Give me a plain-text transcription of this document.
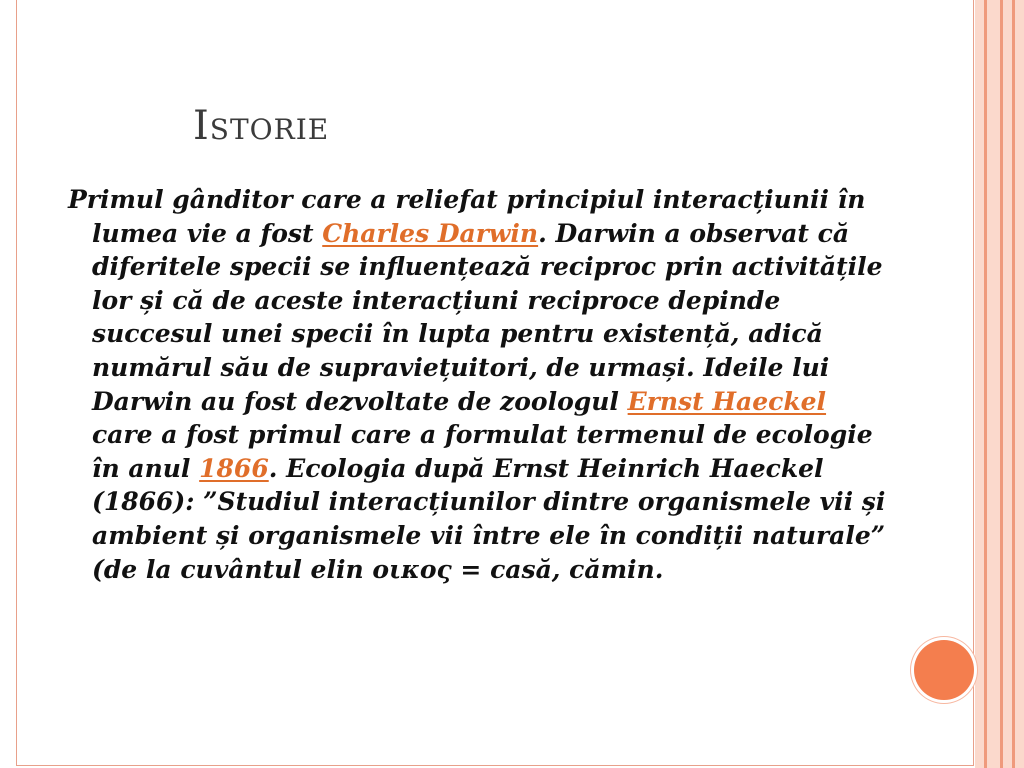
Istorie

Primul gânditor care a reliefat principiul interacțiunii în lumea vie a fost Charles Darwin. Darwin a observat că diferitele specii se influențează reciproc prin activitățile lor și că de aceste interacțiuni reciproce depinde succesul unei specii în lupta pentru existență, adică numărul său de supraviețuitori, de urmași. Ideile lui Darwin au fost dezvoltate de zoologul Ernst Haeckel care a fost primul care a formulat termenul de ecologie în anul 1866. Ecologia după Ernst Heinrich Haeckel (1866): ”Studiul interacțiunilor dintre organismele vii și ambient și organismele vii între ele în condiții naturale” (de la cuvântul elin οικος = casă, cămin.
